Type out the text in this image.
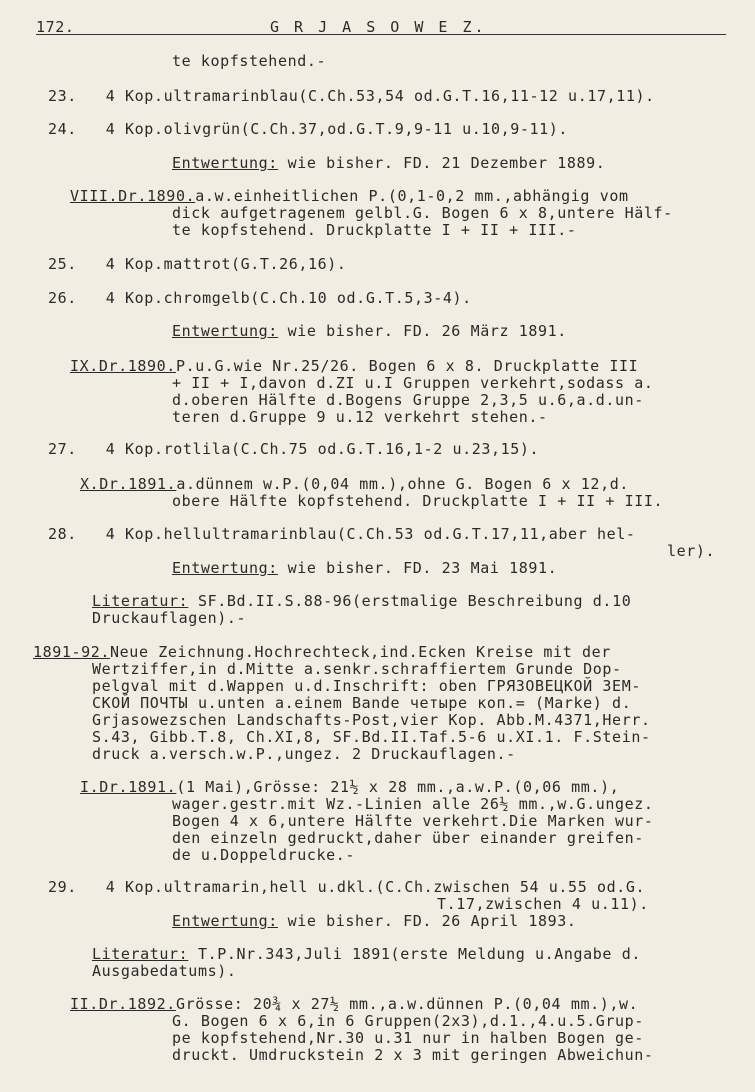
172.	G R J A S O W E Z.
te kopfstehend.-
23.   4 Kop.ultramarinblau(C.Ch.53,54 od.G.T.16,11-12 u.17,11).
24.   4 Kop.olivgrün(C.Ch.37,od.G.T.9,9-11 u.10,9-11).
Entwertung: wie bisher. FD. 21 Dezember 1889.
VIII.Dr.1890.a.w.einheitlichen P.(0,1-0,2 mm.,abhängig vom
dick aufgetragenem gelbl.G. Bogen 6 x 8,untere Hälf-
te kopfstehend. Druckplatte I + II + III.-
25.   4 Kop.mattrot(G.T.26,16).
26.   4 Kop.chromgelb(C.Ch.10 od.G.T.5,3-4).
Entwertung: wie bisher. FD. 26 März 1891.
IX.Dr.1890.P.u.G.wie Nr.25/26. Bogen 6 x 8. Druckplatte III
+ II + I,davon d.ZI u.I Gruppen verkehrt,sodass a.
d.oberen Hälfte d.Bogens Gruppe 2,3,5 u.6,a.d.un-
teren d.Gruppe 9 u.12 verkehrt stehen.-
27.   4 Kop.rotlila(C.Ch.75 od.G.T.16,1-2 u.23,15).
X.Dr.1891.a.dünnem w.P.(0,04 mm.),ohne G. Bogen 6 x 12,d.
obere Hälfte kopfstehend. Druckplatte I + II + III.
28.   4 Kop.hellultramarinblau(C.Ch.53 od.G.T.17,11,aber hel-
ler).
Entwertung: wie bisher. FD. 23 Mai 1891.
Literatur: SF.Bd.II.S.88-96(erstmalige Beschreibung d.10
Druckauflagen).-
1891-92.Neue Zeichnung.Hochrechteck,ind.Ecken Kreise mit der
Wertziffer,in d.Mitte a.senkr.schraffiertem Grunde Dop-
pelgval mit d.Wappen u.d.Inschrift: oben ГРЯЗОВЕЦКОЙ ЗЕМ-
СКОЙ ПОЧТЫ u.unten a.einem Bande четыре коп.= (Marke) d.
Grjasowezschen Landschafts-Post,vier Kop. Abb.M.4371,Herr.
S.43, Gibb.T.8, Ch.XI,8, SF.Bd.II.Taf.5-6 u.XI.1. F.Stein-
druck a.versch.w.P.,ungez. 2 Druckauflagen.-
I.Dr.1891.(1 Mai),Grösse: 21½ x 28 mm.,a.w.P.(0,06 mm.),
wager.gestr.mit Wz.-Linien alle 26½ mm.,w.G.ungez.
Bogen 4 x 6,untere Hälfte verkehrt.Die Marken wur-
den einzeln gedruckt,daher über einander greifen-
de u.Doppeldrucke.-
29.   4 Kop.ultramarin,hell u.dkl.(C.Ch.zwischen 54 u.55 od.G.
T.17,zwischen 4 u.11).
Entwertung: wie bisher. FD. 26 April 1893.
Literatur: T.P.Nr.343,Juli 1891(erste Meldung u.Angabe d.
Ausgabedatums).
II.Dr.1892.Grösse: 20¾ x 27½ mm.,a.w.dünnen P.(0,04 mm.),w.
G. Bogen 6 x 6,in 6 Gruppen(2x3),d.1.,4.u.5.Grup-
pe kopfstehend,Nr.30 u.31 nur in halben Bogen ge-
druckt. Umdruckstein 2 x 3 mit geringen Abweichun-
